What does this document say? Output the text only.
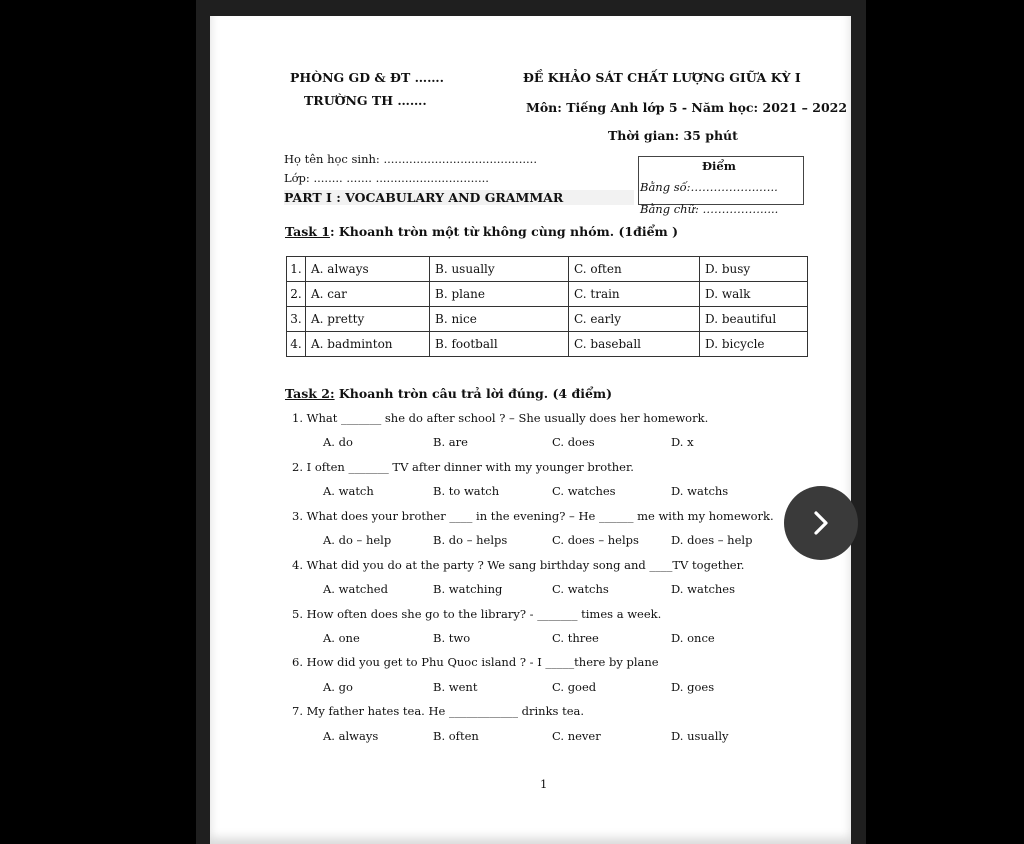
PHÒNG GD & ĐT …….
TRƯỜNG TH …….
ĐỀ KHẢO SÁT CHẤT LƯỢNG GIỮA KỲ I
Môn: Tiếng Anh lớp 5 - Năm học: 2021 – 2022
Thời gian: 35 phút
Họ tên học sinh: ..........................................
Lớp: ........ ....... ...............................
PART I : VOCABULARY AND GRAMMAR
Điểm
Bằng số:……………...…..
Bằng chữ: …………….....
Task 1: Khoanh tròn một từ không cùng nhóm. (1điểm )
1.	A. always	B. usually	C. often	D. busy
2.	A. car	B. plane	C. train	D. walk
3.	A. pretty	B. nice	C. early	D. beautiful
4.	A. badminton	B. football	C. baseball	D. bicycle
Task 2: Khoanh tròn câu trả lời đúng. (4 điểm)
1. What _______ she do after school ? – She usually does her homework.
A. do	B. are	C. does	D. x
2. I often _______ TV after dinner with my younger brother.
A. watch	B. to watch	C. watches	D. watchs
3. What does your brother ____ in the evening? – He ______ me with my homework.
A. do – help	B. do – helps	C. does – helps	D. does – help
4. What did you do at the party ? We sang birthday song and ____TV together.
A. watched	B. watching	C. watchs	D. watches
5. How often does she go to the library? - _______ times a week.
A. one	B. two	C. three	D. once
6. How did you get to Phu Quoc island ? - I _____there by plane
A. go	B. went	C. goed	D. goes
7. My father hates tea. He ____________ drinks tea.
A. always	B. often	C. never	D. usually
1
